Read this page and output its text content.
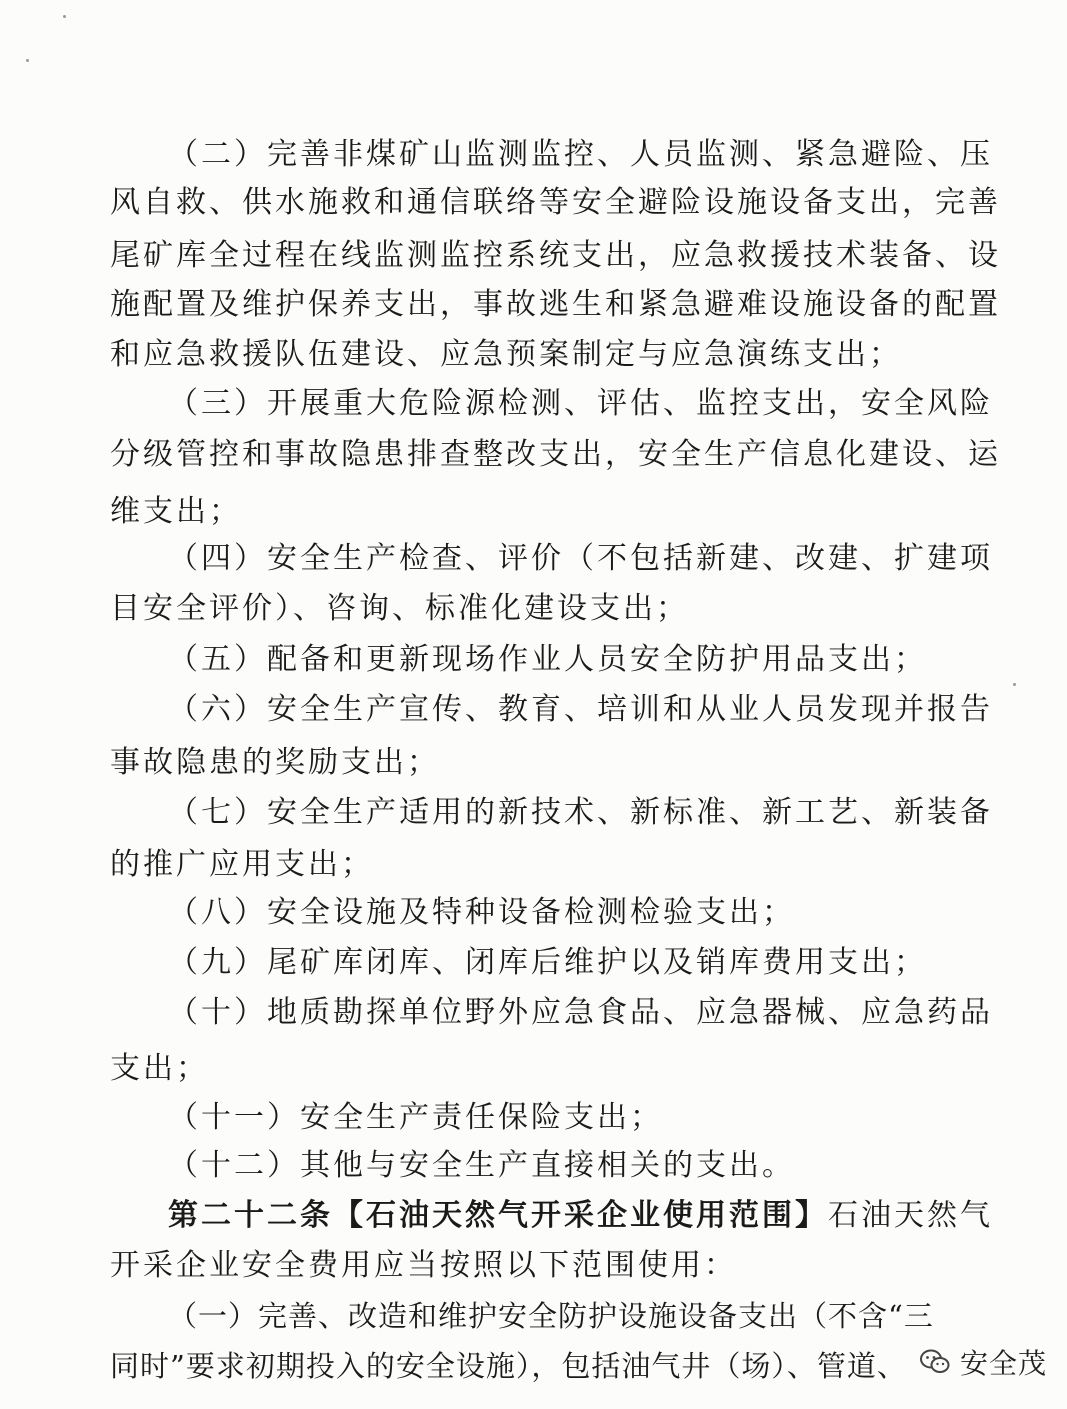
（二）完善非煤矿山监测监控、人员监测、紧急避险、压
风自救、供水施救和通信联络等安全避险设施设备支出，完善
尾矿库全过程在线监测监控系统支出，应急救援技术装备、设
施配置及维护保养支出，事故逃生和紧急避难设施设备的配置
和应急救援队伍建设、应急预案制定与应急演练支出；
（三）开展重大危险源检测、评估、监控支出，安全风险
分级管控和事故隐患排查整改支出，安全生产信息化建设、运
维支出；
（四）安全生产检查、评价（不包括新建、改建、扩建项
目安全评价）、咨询、标准化建设支出；
（五）配备和更新现场作业人员安全防护用品支出；
（六）安全生产宣传、教育、培训和从业人员发现并报告
事故隐患的奖励支出；
（七）安全生产适用的新技术、新标准、新工艺、新装备
的推广应用支出；
（八）安全设施及特种设备检测检验支出；
（九）尾矿库闭库、闭库后维护以及销库费用支出；
（十）地质勘探单位野外应急食品、应急器械、应急药品
支出；
（十一）安全生产责任保险支出；
（十二）其他与安全生产直接相关的支出。
第二十二条【石油天然气开采企业使用范围】石油天然气
开采企业安全费用应当按照以下范围使用：
（一）完善、改造和维护安全防护设施设备支出（不含“三
同时”要求初期投入的安全设施），包括油气井（场）、管道、 安全茂
